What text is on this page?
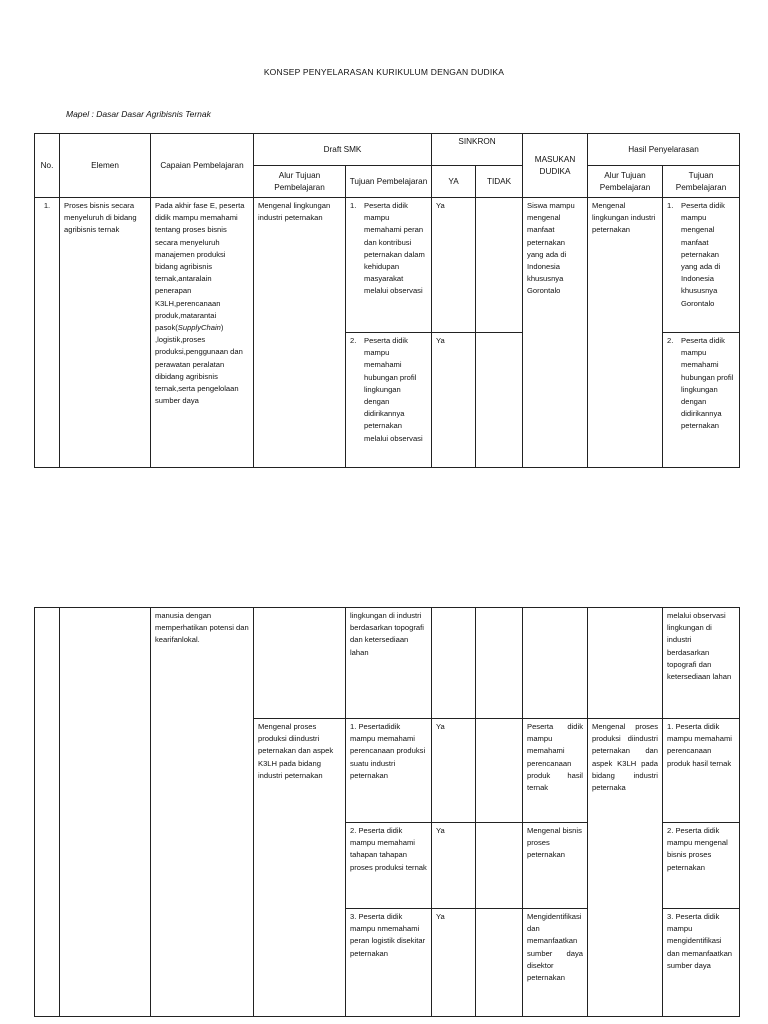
KONSEP PENYELARASAN KURIKULUM DENGAN DUDIKA
Mapel : Dasar Dasar Agribisnis Ternak
No.	Elemen	Capaian Pembelajaran	Draft SMK		SINKRON		MASUKAN DUDIKA	Hasil Penyelarasan	
			Alur Tujuan Pembelajaran	Tujuan Pembelajaran	YA	TIDAK		Alur Tujuan Pembelajaran	Tujuan Pembelajaran
1.	Proses bisnis secara menyeluruh di bidang agribisnis ternak	Pada akhir fase E, peserta didik mampu memahami tentang proses bisnis secara menyeluruh manajemen produksi bidang agribisnis ternak,antaralain penerapan K3LH,perencanaan produk,matarantai pasok(SupplyChain) ,logistik,proses produksi,penggunaan dan perawatan peralatan dibidang agribisnis ternak,serta pengelolaan sumber daya	Mengenal lingkungan industri peternakan	1. Peserta didik mampu memahami peran dan kontribusi peternakan dalam kehidupan masyarakat melalui observasi	Ya		Siswa mampu mengenal manfaat peternakan yang ada di Indonesia khususnya Gorontalo	Mengenal lingkungan industri peternakan	1. Peserta didik mampu mengenal manfaat peternakan yang ada di Indonesia khususnya Gorontalo

				2. Peserta didik mampu memahami hubungan profil lingkungan dengan didirikannya peternakan melalui observasi	Ya				2. Peserta didik mampu memahami hubungan profil lingkungan dengan didirikannya peternakan
		manusia dengan memperhatikan potensi dan kearifanlokal.		lingkungan di industri berdasarkan topografi dan ketersediaan lahan					melalui observasi lingkungan di industri berdasarkan topografi dan ketersediaan lahan
			Mengenal proses produksi diindustri peternakan dan aspek K3LH pada bidang industri peternakan	1. Pesertadidik mampu memahami perencanaan produksi suatu industri peternakan	Ya		Peserta didik mampu memahami perencanaan produk hasil ternak	Mengenal proses produksi diindustri peternakan dan aspek K3LH pada bidang industri peternaka	1. Peserta didik mampu memahami perencanaan produk hasil ternak
				2. Peserta didik mampu memahami tahapan tahapan proses produksi ternak	Ya		Mengenal bisnis proses peternakan		2. Peserta didik mampu mengenal bisnis proses peternakan
				3. Peserta didik mampu nmemahami peran logistik disekitar peternakan	Ya		Mengidentifikasi dan memanfaatkan sumber daya disektor peternakan		3. Peserta didik mampu mengidentifikasi dan memanfaatkan sumber daya
